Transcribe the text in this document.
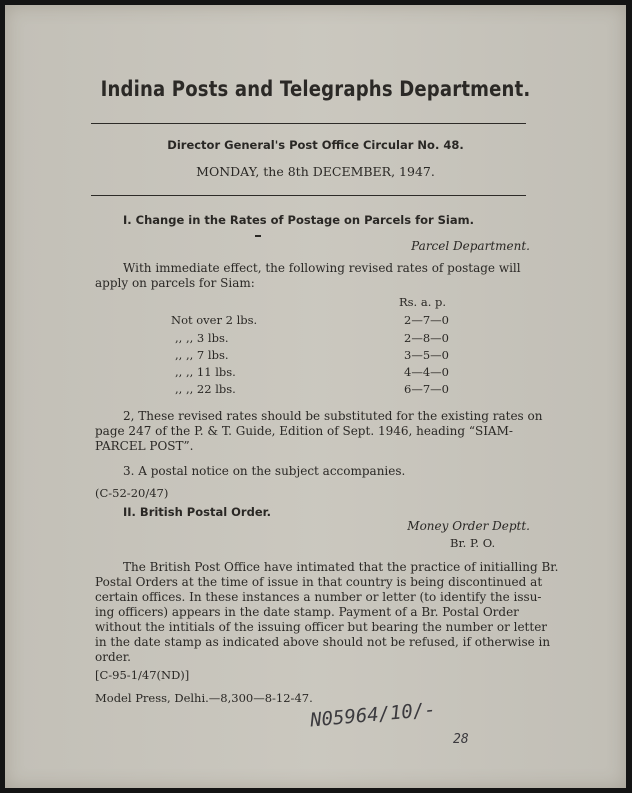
Indina Posts and Telegraphs Department.
Director General's Post Office Circular No. 48.
MONDAY, the 8th DECEMBER, 1947.
I. Change in the Rates of Postage on Parcels for Siam.
Parcel Department.
With immediate effect, the following revised rates of postage will
apply on parcels for Siam:
Rs. a. p.
Not over 2 lbs.	2—7—0
,, ,, 3 lbs.	2—8—0
,, ,, 7 lbs.	3—5—0
,, ,, 11 lbs.	4—4—0
,, ,, 22 lbs.	6—7—0
2, These revised rates should be substituted for the existing rates on
page 247 of the P. & T. Guide, Edition of Sept. 1946, heading “SIAM-
PARCEL POST”.
3. A postal notice on the subject accompanies.
(C-52-20/47)
II. British Postal Order.
Money Order Deptt.
Br. P. O.
The British Post Office have intimated that the practice of initialling Br.
Postal Orders at the time of issue in that country is being discontinued at
certain offices. In these instances a number or letter (to identify the issu-
ing officers) appears in the date stamp. Payment of a Br. Postal Order
without the intitials of the issuing officer but bearing the number or letter
in the date stamp as indicated above should not be refused, if otherwise in
order.
[C-95-1/47(ND)]
Model Press, Delhi.—8,300—8-12-47.
N05964/10/-
28
